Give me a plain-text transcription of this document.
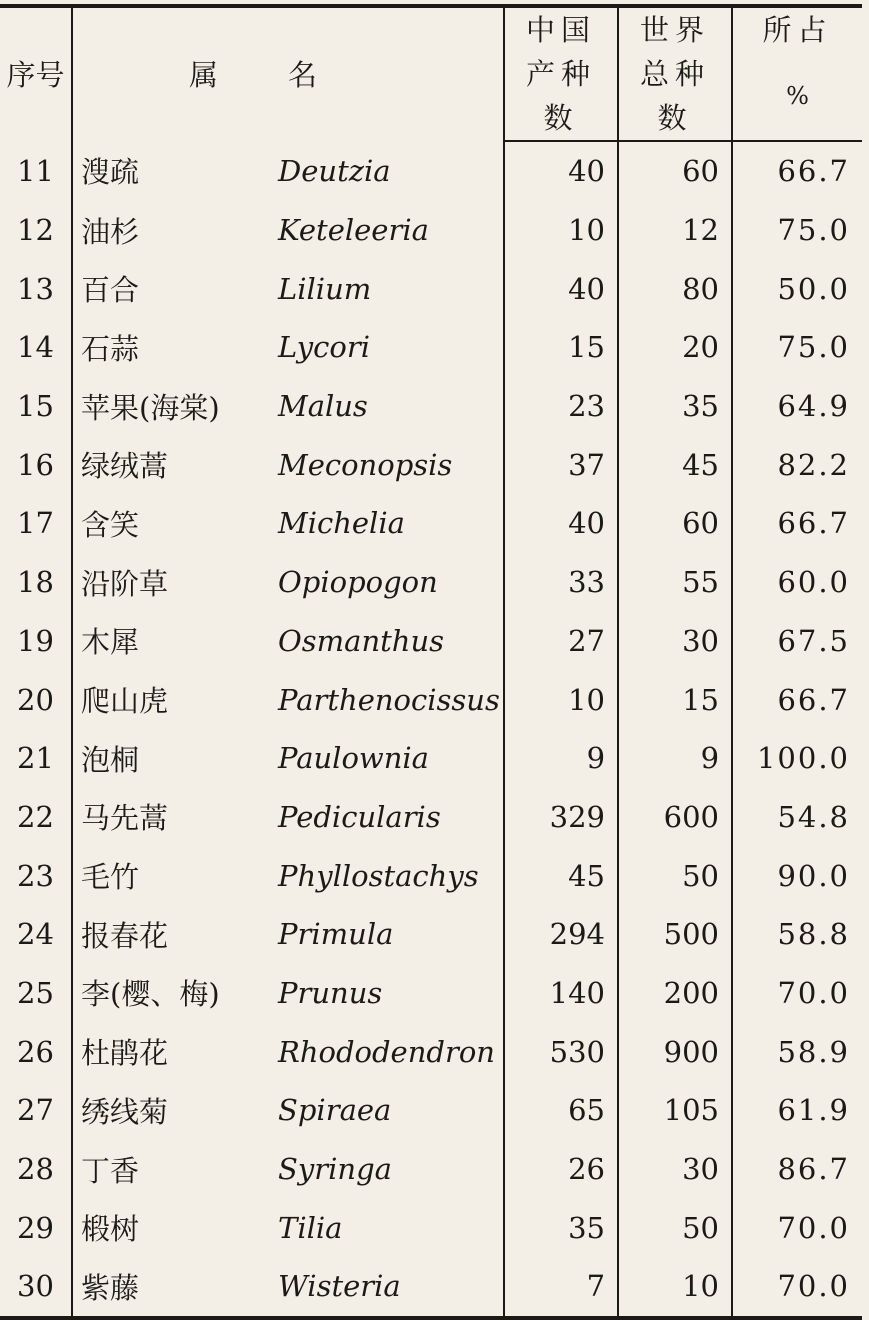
序号	属名		中国	世界	所占
			产种数	总种数	%
11	溲疏	Deutzia	40	60	66.7
12	油杉	Keteleeria	10	12	75.0
13	百合	Lilium	40	80	50.0
14	石蒜	Lycori	15	20	75.0
15	苹果(海棠)	Malus	23	35	64.9
16	绿绒蒿	Meconopsis	37	45	82.2
17	含笑	Michelia	40	60	66.7
18	沿阶草	Opiopogon	33	55	60.0
19	木犀	Osmanthus	27	30	67.5
20	爬山虎	Parthenocissus	10	15	66.7
21	泡桐	Paulownia	9	9	100.0
22	马先蒿	Pedicularis	329	600	54.8
23	毛竹	Phyllostachys	45	50	90.0
24	报春花	Primula	294	500	58.8
25	李(樱、梅)	Prunus	140	200	70.0
26	杜鹃花	Rhododendron	530	900	58.9
27	绣线菊	Spiraea	65	105	61.9
28	丁香	Syringa	26	30	86.7
29	椴树	Tilia	35	50	70.0
30	紫藤	Wisteria	7	10	70.0
